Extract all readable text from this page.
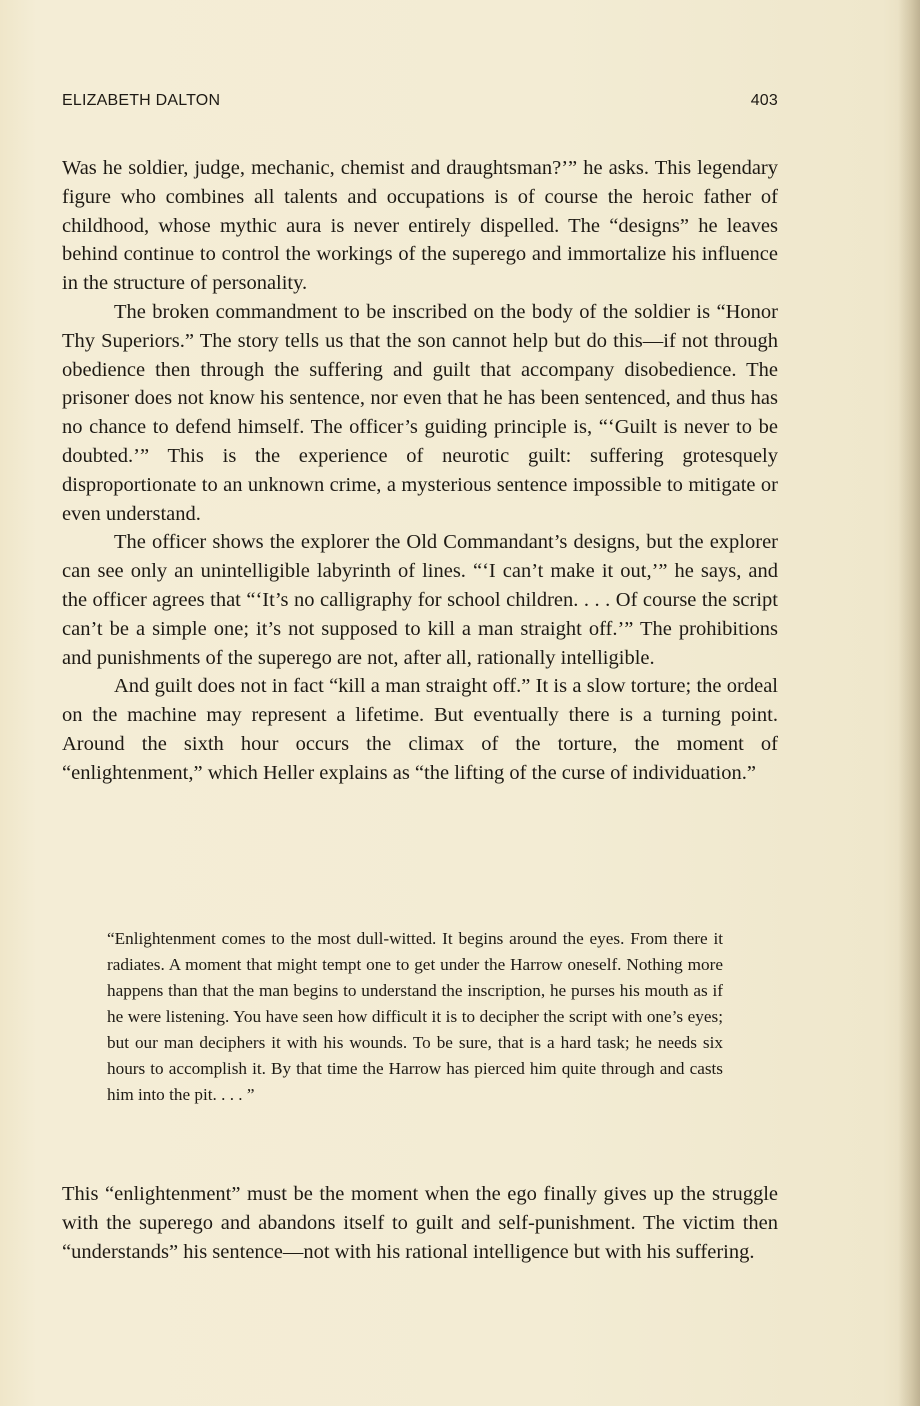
ELIZABETH DALTON	403

Was he soldier, judge, mechanic, chemist and draughtsman?’” he asks. This legendary figure who combines all talents and occupations is of course the heroic father of childhood, whose mythic aura is never entirely dispelled. The “designs” he leaves behind continue to control the workings of the superego and immortalize his influence in the structure of personality.

The broken commandment to be inscribed on the body of the soldier is “Honor Thy Superiors.” The story tells us that the son cannot help but do this—if not through obedience then through the suffering and guilt that accompany disobedience. The prisoner does not know his sentence, nor even that he has been sentenced, and thus has no chance to defend himself. The officer’s guiding principle is, “‘Guilt is never to be doubted.’” This is the experience of neurotic guilt: suffering grotesquely disproportionate to an unknown crime, a mysterious sentence impossible to mitigate or even understand.

The officer shows the explorer the Old Commandant’s designs, but the explorer can see only an unintelligible labyrinth of lines. “‘I can’t make it out,’” he says, and the officer agrees that “‘It’s no calligraphy for school children. . . . Of course the script can’t be a simple one; it’s not supposed to kill a man straight off.’” The prohibitions and punishments of the superego are not, after all, rationally intelligible.

And guilt does not in fact “kill a man straight off.” It is a slow torture; the ordeal on the machine may represent a lifetime. But eventually there is a turning point. Around the sixth hour occurs the climax of the torture, the moment of “enlightenment,” which Heller explains as “the lifting of the curse of individuation.”

“Enlightenment comes to the most dull-witted. It begins around the eyes. From there it radiates. A moment that might tempt one to get under the Harrow oneself. Nothing more happens than that the man begins to understand the inscription, he purses his mouth as if he were listening. You have seen how difficult it is to decipher the script with one’s eyes; but our man deciphers it with his wounds. To be sure, that is a hard task; he needs six hours to accomplish it. By that time the Harrow has pierced him quite through and casts him into the pit. . . . ”

This “enlightenment” must be the moment when the ego finally gives up the struggle with the superego and abandons itself to guilt and self-punishment. The victim then “understands” his sentence—not with his rational intelligence but with his suffering.
